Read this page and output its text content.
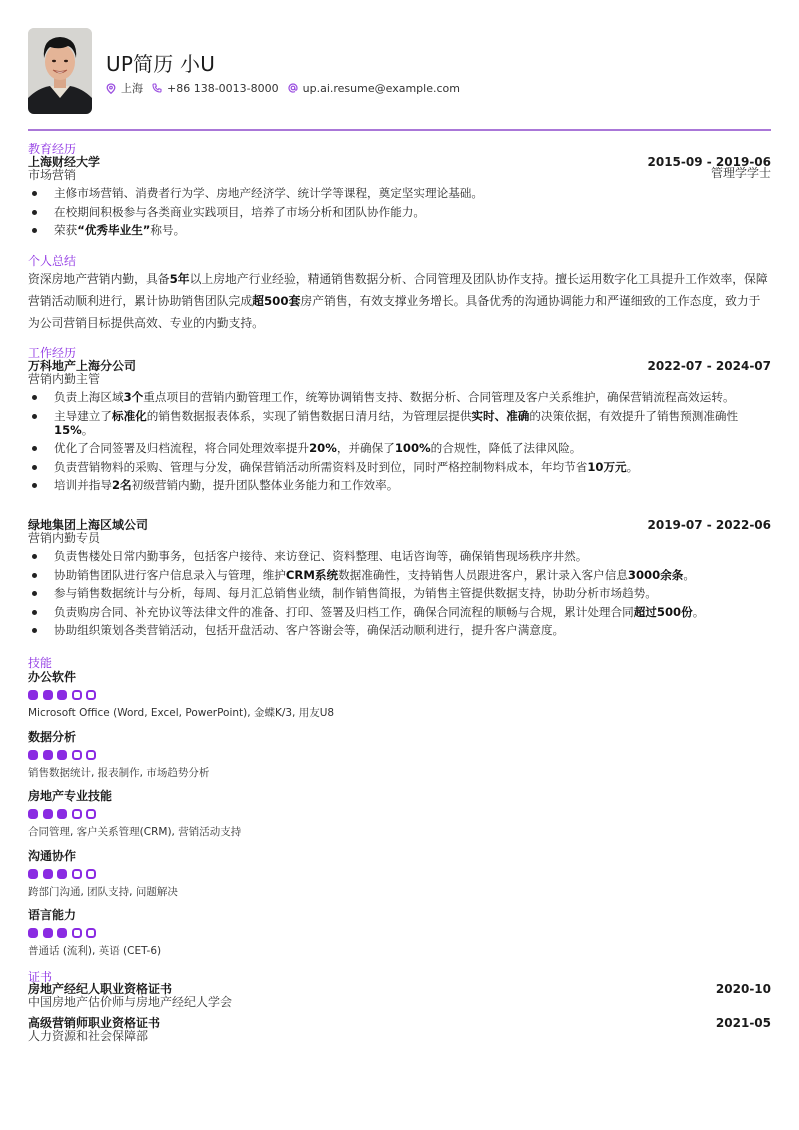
UP简历 小U
上海 +86 138-0013-8000 up.ai.resume@example.com
教育经历
上海财经大学
市场营销
2015-09 - 2019-06
管理学学士
主修市场营销、消费者行为学、房地产经济学、统计学等课程，奠定坚实理论基础。
在校期间积极参与各类商业实践项目，培养了市场分析和团队协作能力。
荣获“优秀毕业生”称号。
个人总结
资深房地产营销内勤，具备5年以上房地产行业经验，精通销售数据分析、合同管理及团队协作支持。擅长运用数字化工具提升工作效率，保障营销活动顺利进行，累计协助销售团队完成超500套房产销售，有效支撑业务增长。具备优秀的沟通协调能力和严谨细致的工作态度，致力于为公司营销目标提供高效、专业的内勤支持。
工作经历
万科地产上海分公司
营销内勤主管
2022-07 - 2024-07
负责上海区域3个重点项目的营销内勤管理工作，统筹协调销售支持、数据分析、合同管理及客户关系维护，确保营销流程高效运转。
主导建立了标准化的销售数据报表体系，实现了销售数据日清月结，为管理层提供实时、准确的决策依据，有效提升了销售预测准确性15%。
优化了合同签署及归档流程，将合同处理效率提升20%，并确保了100%的合规性，降低了法律风险。
负责营销物料的采购、管理与分发，确保营销活动所需资料及时到位，同时严格控制物料成本，年均节省10万元。
培训并指导2名初级营销内勤，提升团队整体业务能力和工作效率。
绿地集团上海区域公司
营销内勤专员
2019-07 - 2022-06
负责售楼处日常内勤事务，包括客户接待、来访登记、资料整理、电话咨询等，确保销售现场秩序井然。
协助销售团队进行客户信息录入与管理，维护CRM系统数据准确性，支持销售人员跟进客户，累计录入客户信息3000余条。
参与销售数据统计与分析，每周、每月汇总销售业绩，制作销售简报，为销售主管提供数据支持，协助分析市场趋势。
负责购房合同、补充协议等法律文件的准备、打印、签署及归档工作，确保合同流程的顺畅与合规，累计处理合同超过500份。
协助组织策划各类营销活动，包括开盘活动、客户答谢会等，确保活动顺利进行，提升客户满意度。
技能
办公软件
Microsoft Office (Word, Excel, PowerPoint), 金蝶K/3, 用友U8
数据分析
销售数据统计, 报表制作, 市场趋势分析
房地产专业技能
合同管理, 客户关系管理(CRM), 营销活动支持
沟通协作
跨部门沟通, 团队支持, 问题解决
语言能力
普通话 (流利), 英语 (CET-6)
证书
房地产经纪人职业资格证书
中国房地产估价师与房地产经纪人学会
2020-10
高级营销师职业资格证书
人力资源和社会保障部
2021-05
